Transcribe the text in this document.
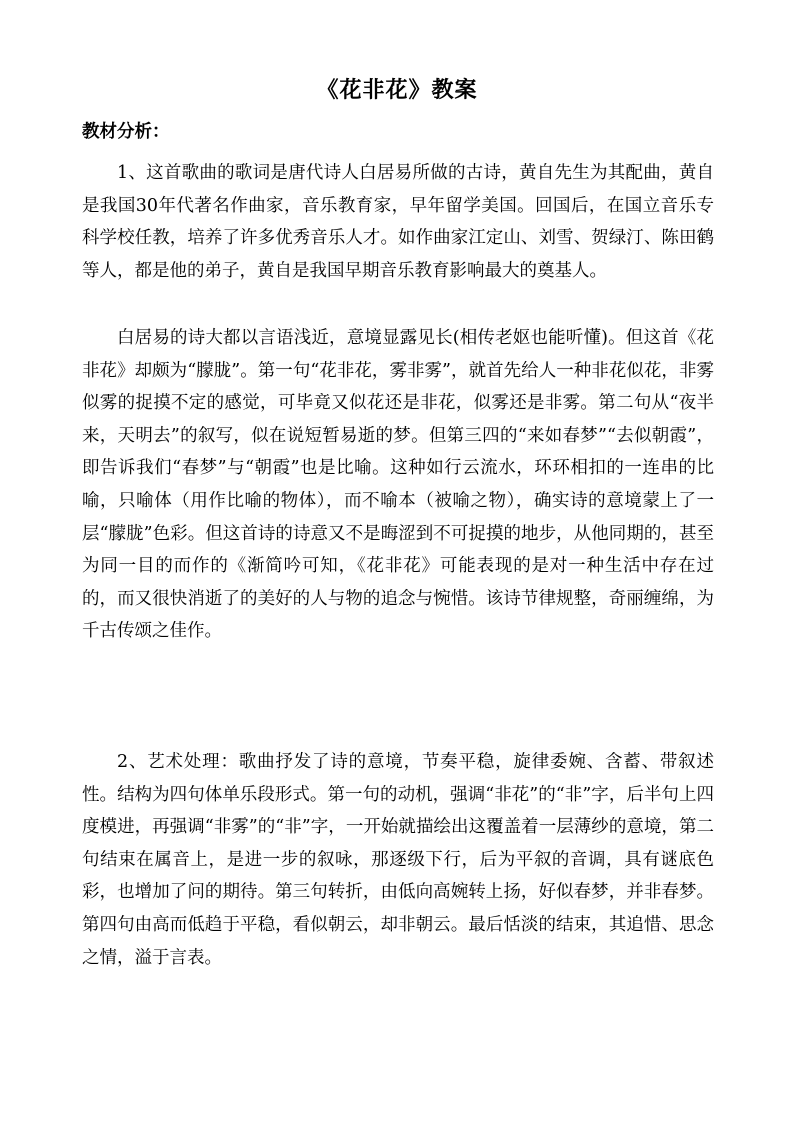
《花非花》教案
教材分析：

1、这首歌曲的歌词是唐代诗人白居易所做的古诗，黄自先生为其配曲，黄自是我国30年代著名作曲家，音乐教育家，早年留学美国。回国后，在国立音乐专科学校任教，培养了许多优秀音乐人才。如作曲家江定山、刘雪、贺绿汀、陈田鹤等人，都是他的弟子，黄自是我国早期音乐教育影响最大的奠基人。

白居易的诗大都以言语浅近，意境显露见长(相传老妪也能听懂)。但这首《花非花》却颇为“朦胧”。第一句“花非花，雾非雾”，就首先给人一种非花似花，非雾似雾的捉摸不定的感觉，可毕竟又似花还是非花，似雾还是非雾。第二句从“夜半来，天明去”的叙写，似在说短暂易逝的梦。但第三四的“来如春梦”“去似朝霞”，即告诉我们“春梦”与“朝霞”也是比喻。这种如行云流水，环环相扣的一连串的比喻，只喻体（用作比喻的物体），而不喻本（被喻之物），确实诗的意境蒙上了一层“朦胧”色彩。但这首诗的诗意又不是晦涩到不可捉摸的地步，从他同期的，甚至为同一目的而作的《渐简吟可知，《花非花》可能表现的是对一种生活中存在过的，而又很快消逝了的美好的人与物的追念与惋惜。该诗节律规整，奇丽缠绵，为千古传颂之佳作。

2、艺术处理：歌曲抒发了诗的意境，节奏平稳，旋律委婉、含蓄、带叙述性。结构为四句体单乐段形式。第一句的动机，强调“非花”的“非”字，后半句上四度模进，再强调“非雾”的“非”字，一开始就描绘出这覆盖着一层薄纱的意境，第二句结束在属音上，是进一步的叙咏，那逐级下行，后为平叙的音调，具有谜底色彩，也增加了问的期待。第三句转折，由低向高婉转上扬，好似春梦，并非春梦。第四句由高而低趋于平稳，看似朝云，却非朝云。最后恬淡的结束，其追惜、思念之情，溢于言表。
